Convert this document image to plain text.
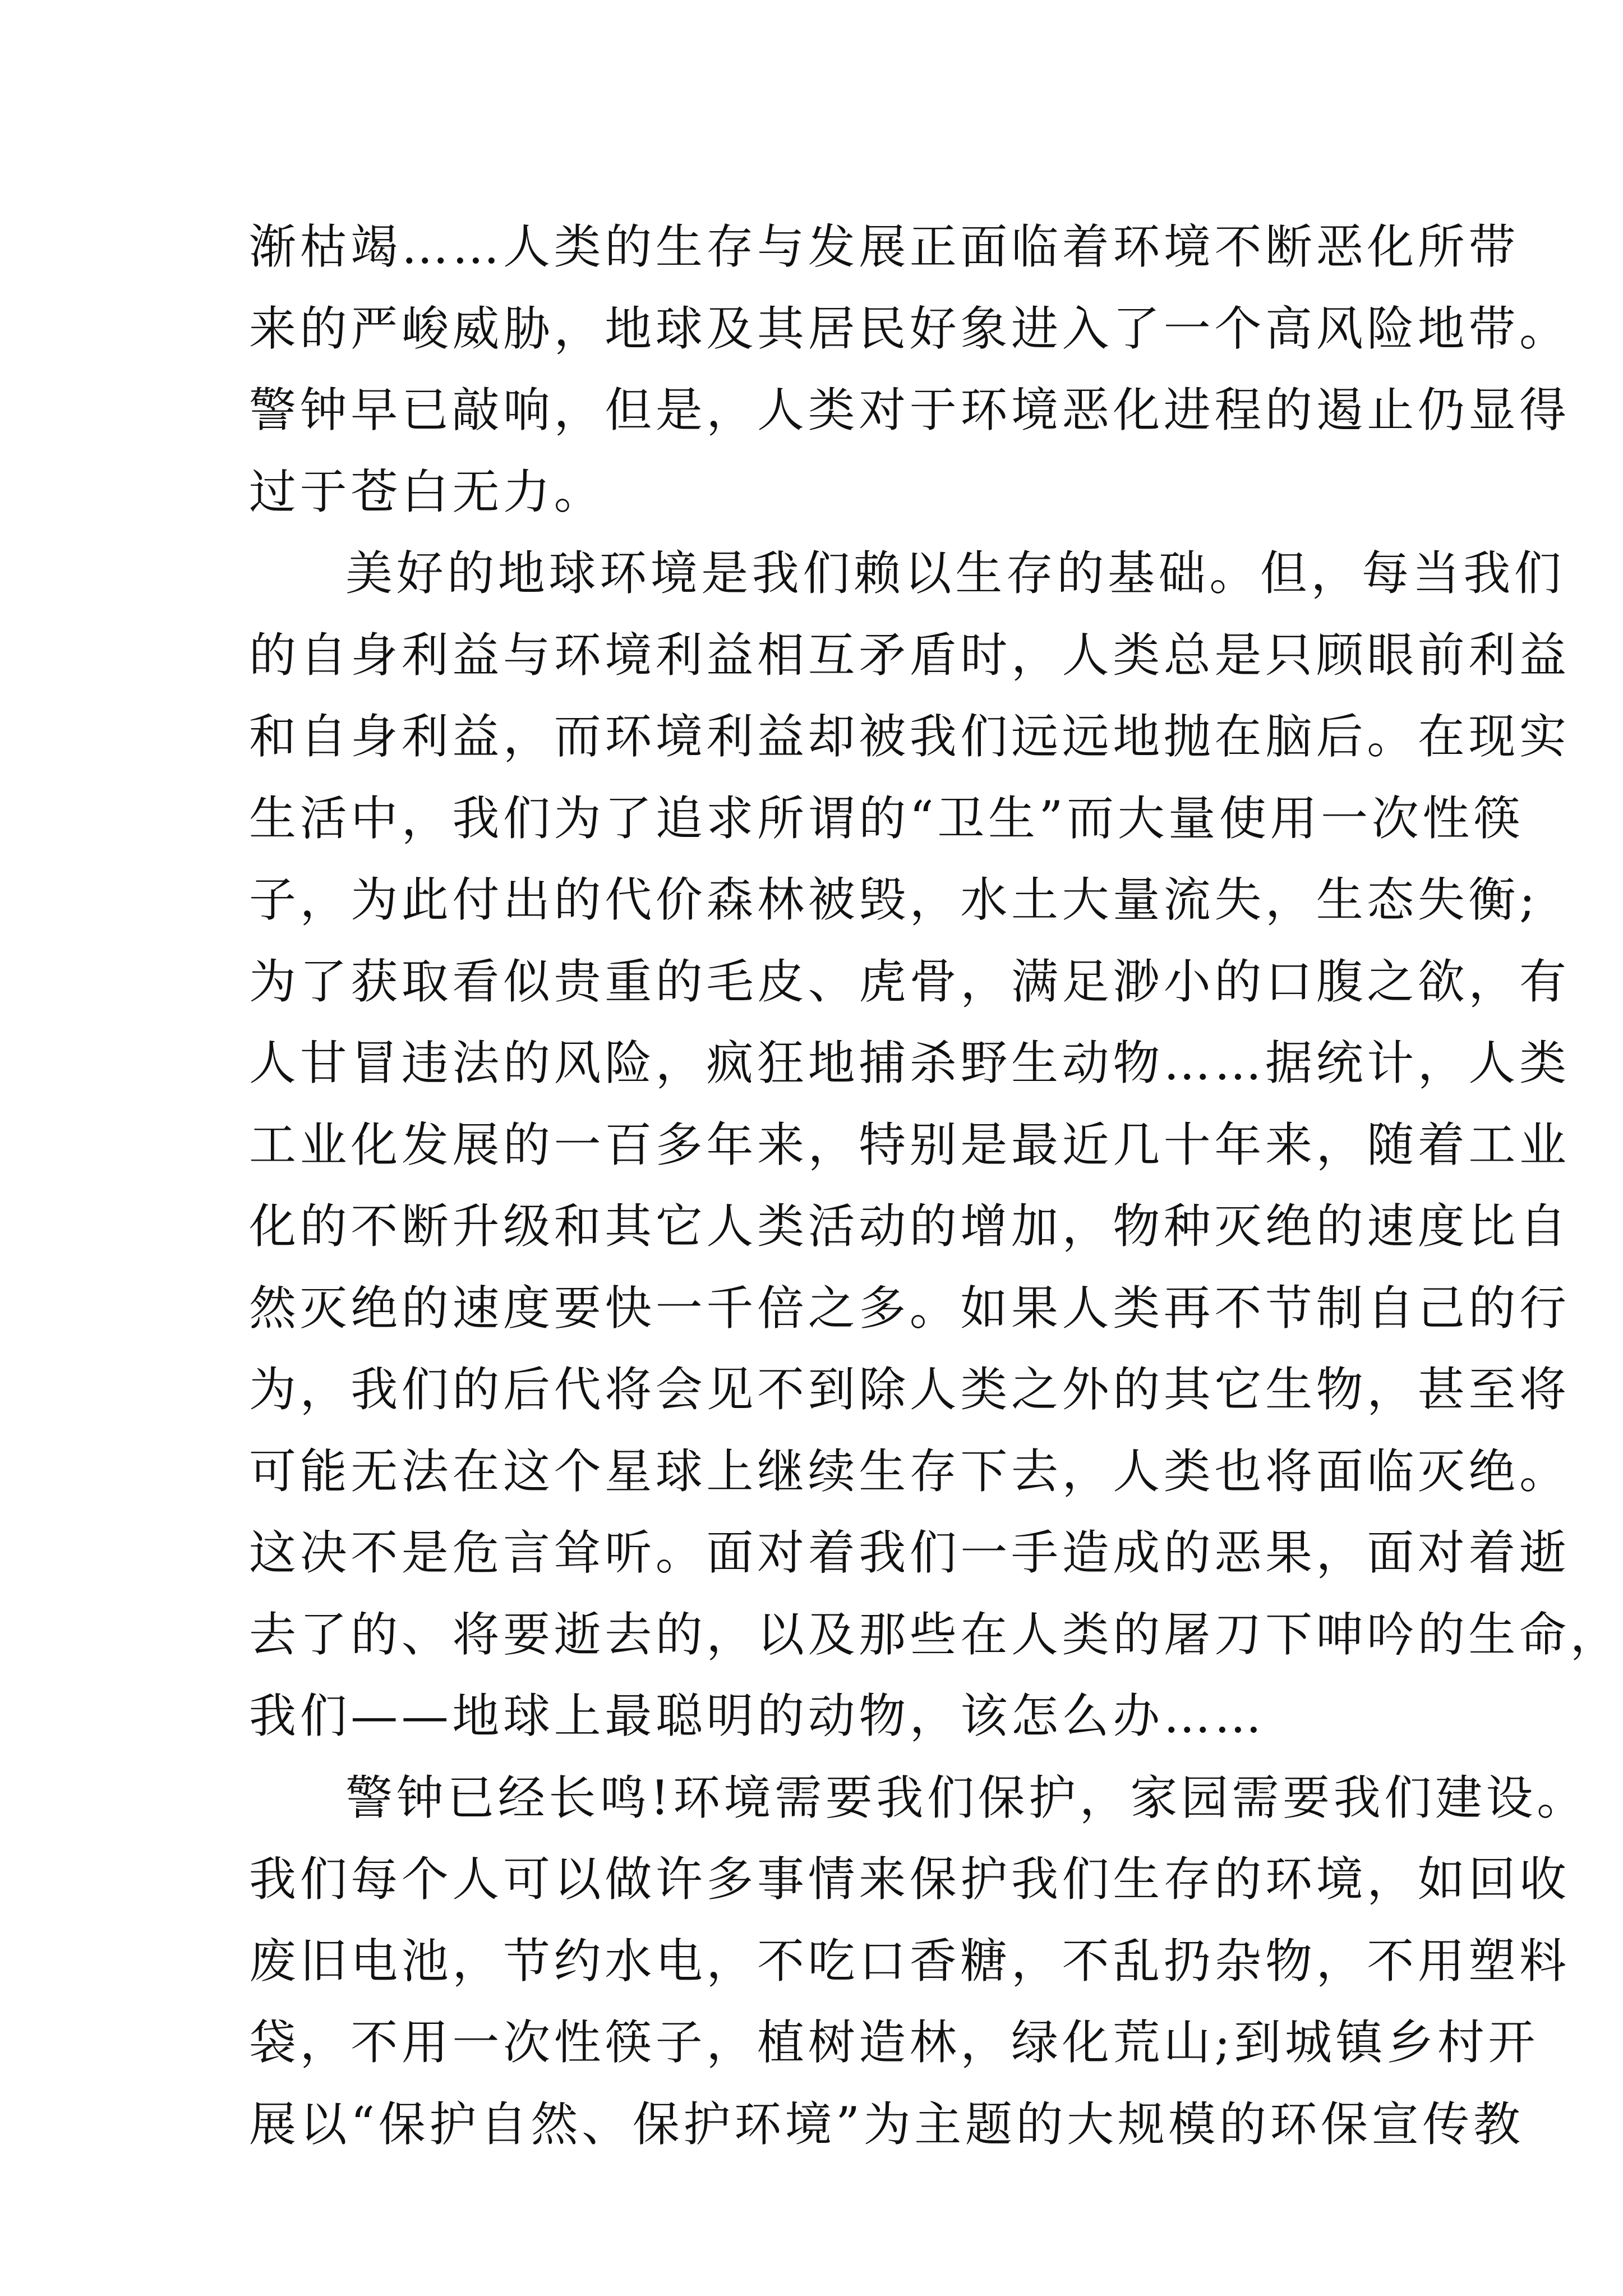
渐枯竭……人类的生存与发展正面临着环境不断恶化所带
来的严峻威胁，地球及其居民好象进入了一个高风险地带。
警钟早已敲响，但是，人类对于环境恶化进程的遏止仍显得
过于苍白无力。
美好的地球环境是我们赖以生存的基础。但，每当我们
的自身利益与环境利益相互矛盾时，人类总是只顾眼前利益
和自身利益，而环境利益却被我们远远地抛在脑后。在现实
生活中，我们为了追求所谓的“卫生”而大量使用一次性筷
子，为此付出的代价森林被毁，水土大量流失，生态失衡;
为了获取看似贵重的毛皮、虎骨，满足渺小的口腹之欲，有
人甘冒违法的风险，疯狂地捕杀野生动物……据统计，人类
工业化发展的一百多年来，特别是最近几十年来，随着工业
化的不断升级和其它人类活动的增加，物种灭绝的速度比自
然灭绝的速度要快一千倍之多。如果人类再不节制自己的行
为，我们的后代将会见不到除人类之外的其它生物，甚至将
可能无法在这个星球上继续生存下去，人类也将面临灭绝。
这决不是危言耸听。面对着我们一手造成的恶果，面对着逝
去了的、将要逝去的，以及那些在人类的屠刀下呻吟的生命，
我们——地球上最聪明的动物，该怎么办……
警钟已经长鸣!环境需要我们保护，家园需要我们建设。
我们每个人可以做许多事情来保护我们生存的环境，如回收
废旧电池，节约水电，不吃口香糖，不乱扔杂物，不用塑料
袋，不用一次性筷子，植树造林，绿化荒山;到城镇乡村开
展以“保护自然、保护环境”为主题的大规模的环保宣传教
